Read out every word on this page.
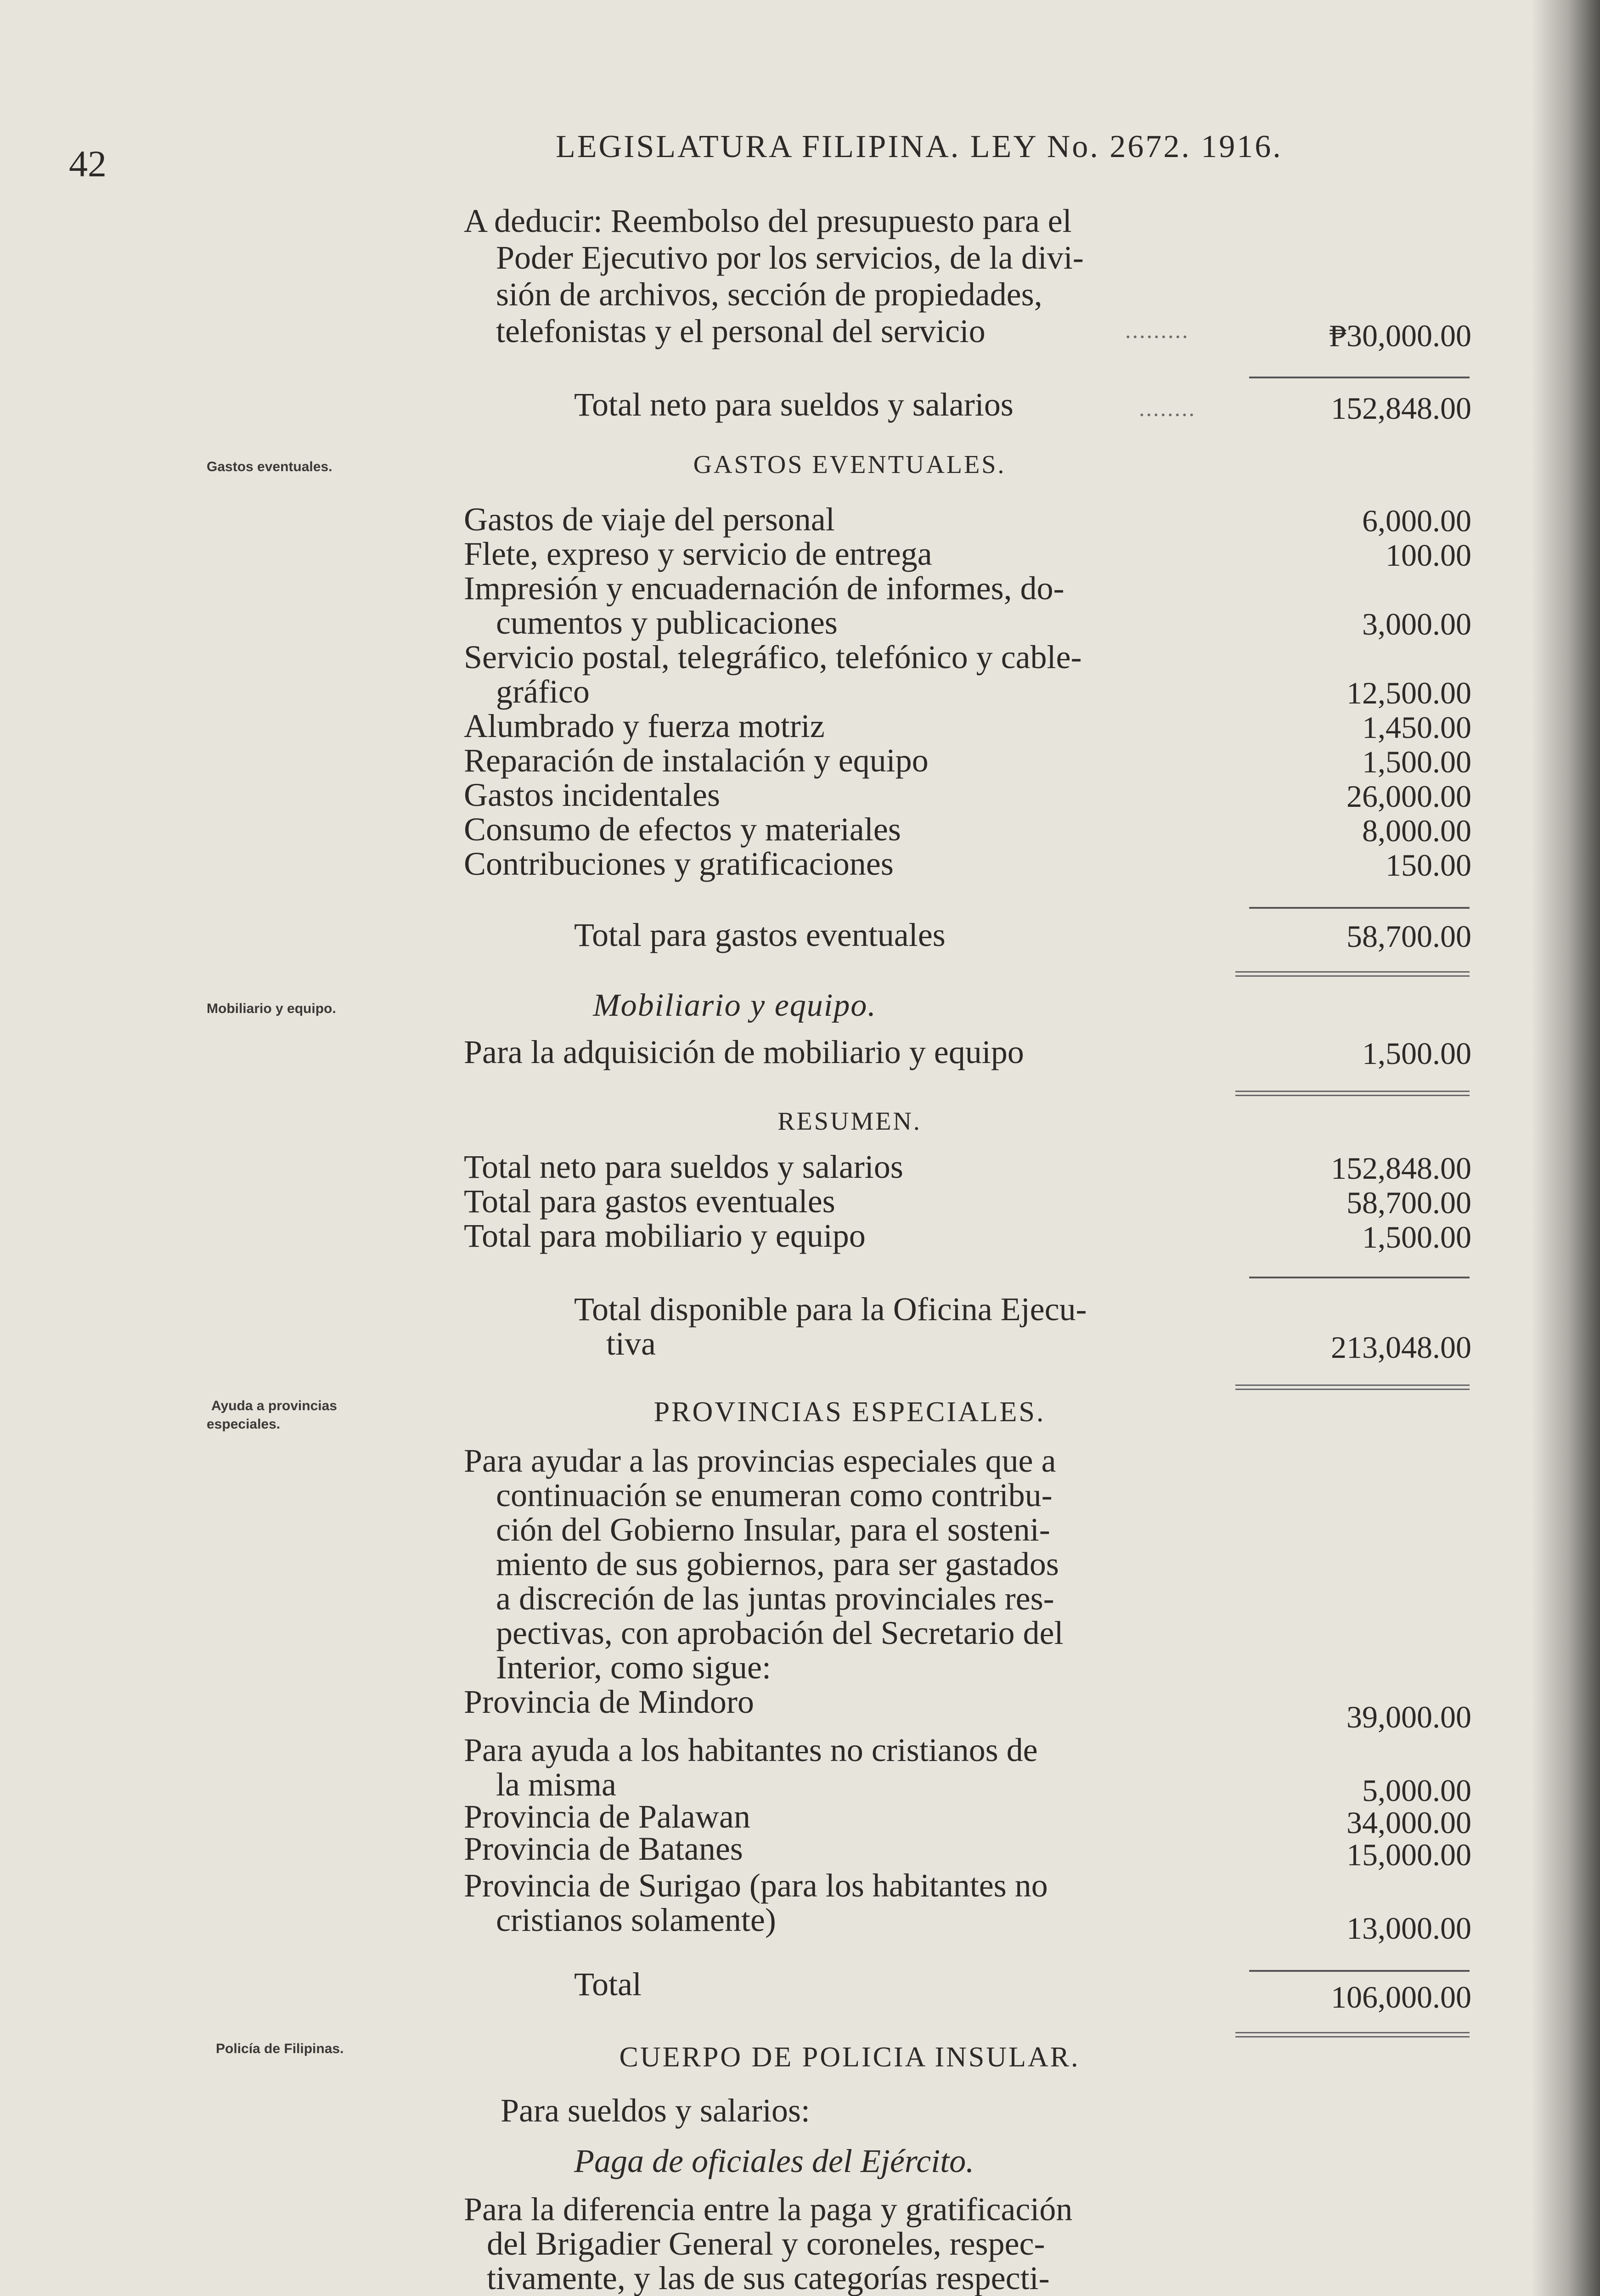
42	LEGISLATURA FILIPINA. LEY No. 2672. 1916.
A deducir: Reembolso del presupuesto para el
Poder Ejecutivo por los servicios, de la divi-
sión de archivos, sección de propiedades,
telefonistas y el personal del servicio	.........	₱30,000.00
Total neto para sueldos y salarios	........	152,848.00
Gastos eventuales.	GASTOS EVENTUALES.
Gastos de viaje del personal	6,000.00
Flete, expreso y servicio de entrega	100.00
Impresión y encuadernación de informes, do-
cumentos y publicaciones	3,000.00
Servicio postal, telegráfico, telefónico y cable-
gráfico	12,500.00
Alumbrado y fuerza motriz	1,450.00
Reparación de instalación y equipo	1,500.00
Gastos incidentales	26,000.00
Consumo de efectos y materiales	8,000.00
Contribuciones y gratificaciones	150.00
Total para gastos eventuales	58,700.00
Mobiliario y equipo.	Mobiliario y equipo.
Para la adquisición de mobiliario y equipo	1,500.00
RESUMEN.
Total neto para sueldos y salarios	152,848.00
Total para gastos eventuales	58,700.00
Total para mobiliario y equipo	1,500.00
Total disponible para la Oficina Ejecu-
tiva	213,048.00
Ayuda a provincias
especiales.	PROVINCIAS ESPECIALES.
Para ayudar a las provincias especiales que a
continuación se enumeran como contribu-
ción del Gobierno Insular, para el sosteni-
miento de sus gobiernos, para ser gastados
a discreción de las juntas provinciales res-
pectivas, con aprobación del Secretario del
Interior, como sigue:
Provincia de Mindoro	39,000.00
Para ayuda a los habitantes no cristianos de
la misma	5,000.00
Provincia de Palawan	34,000.00
Provincia de Batanes	15,000.00
Provincia de Surigao (para los habitantes no
cristianos solamente)	13,000.00
Total	106,000.00
Policía de Filipinas.	CUERPO DE POLICIA INSULAR.
Para sueldos y salarios:
Paga de oficiales del Ejército.
Para la diferencia entre la paga y gratificación
del Brigadier General y coroneles, respec-
tivamente, y las de sus categorías respecti-
